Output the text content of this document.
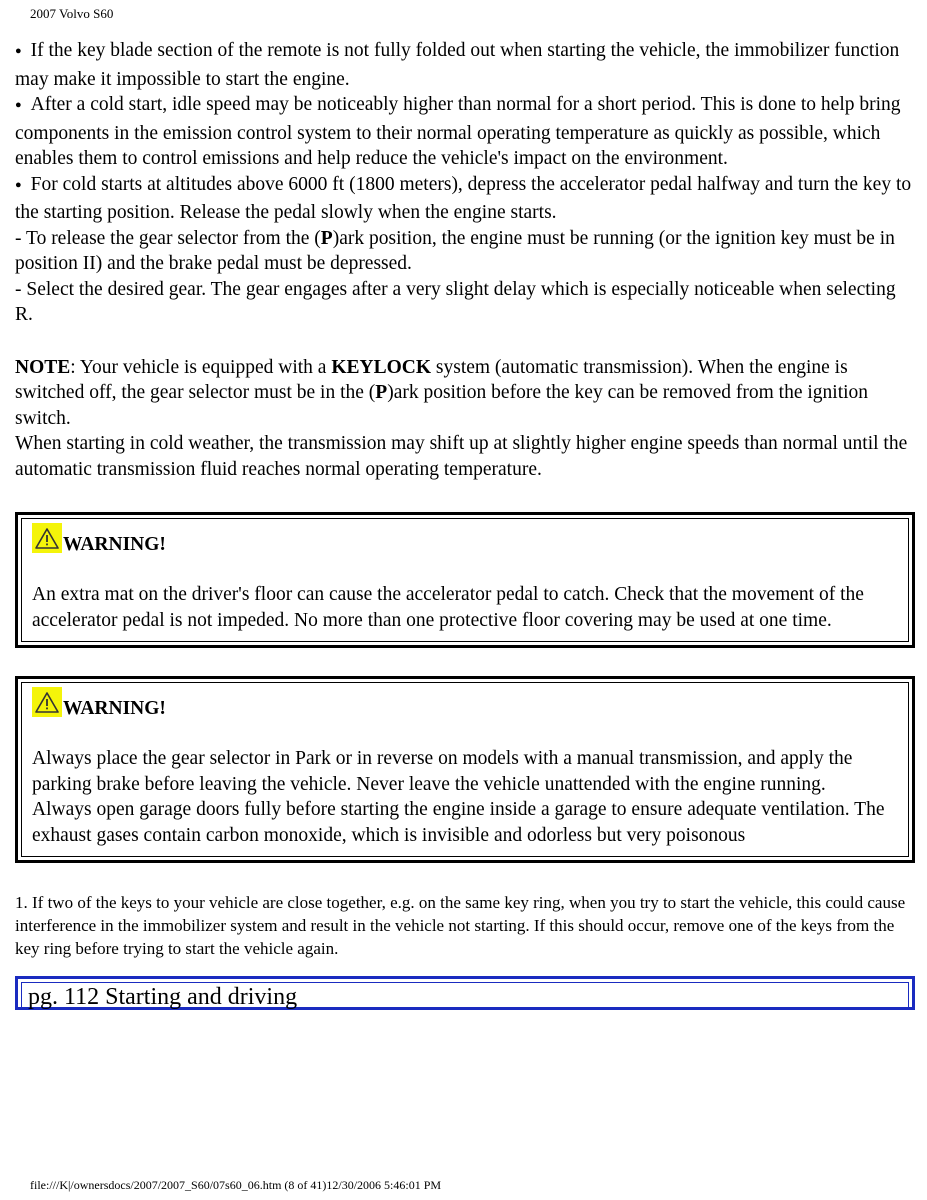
2007 Volvo S60

● If the key blade section of the remote is not fully folded out when starting the vehicle, the immobilizer function may make it impossible to start the engine.

● After a cold start, idle speed may be noticeably higher than normal for a short period. This is done to help bring components in the emission control system to their normal operating temperature as quickly as possible, which enables them to control emissions and help reduce the vehicle's impact on the environment.

● For cold starts at altitudes above 6000 ft (1800 meters), depress the accelerator pedal halfway and turn the key to the starting position. Release the pedal slowly when the engine starts.

- To release the gear selector from the (P)ark position, the engine must be running (or the ignition key must be in position II) and the brake pedal must be depressed.

- Select the desired gear. The gear engages after a very slight delay which is especially noticeable when selecting R.

NOTE: Your vehicle is equipped with a KEYLOCK system (automatic transmission). When the engine is switched off, the gear selector must be in the (P)ark position before the key can be removed from the ignition switch.

When starting in cold weather, the transmission may shift up at slightly higher engine speeds than normal until the automatic transmission fluid reaches normal operating temperature.

WARNING!

An extra mat on the driver's floor can cause the accelerator pedal to catch. Check that the movement of the accelerator pedal is not impeded. No more than one protective floor covering may be used at one time.

WARNING!

Always place the gear selector in Park or in reverse on models with a manual transmission, and apply the parking brake before leaving the vehicle. Never leave the vehicle unattended with the engine running.

Always open garage doors fully before starting the engine inside a garage to ensure adequate ventilation. The exhaust gases contain carbon monoxide, which is invisible and odorless but very poisonous

1. If two of the keys to your vehicle are close together, e.g. on the same key ring, when you try to start the vehicle, this could cause interference in the immobilizer system and result in the vehicle not starting. If this should occur, remove one of the keys from the key ring before trying to start the vehicle again.

pg. 112 Starting and driving
file:///K|/ownersdocs/2007/2007_S60/07s60_06.htm (8 of 41)12/30/2006 5:46:01 PM
